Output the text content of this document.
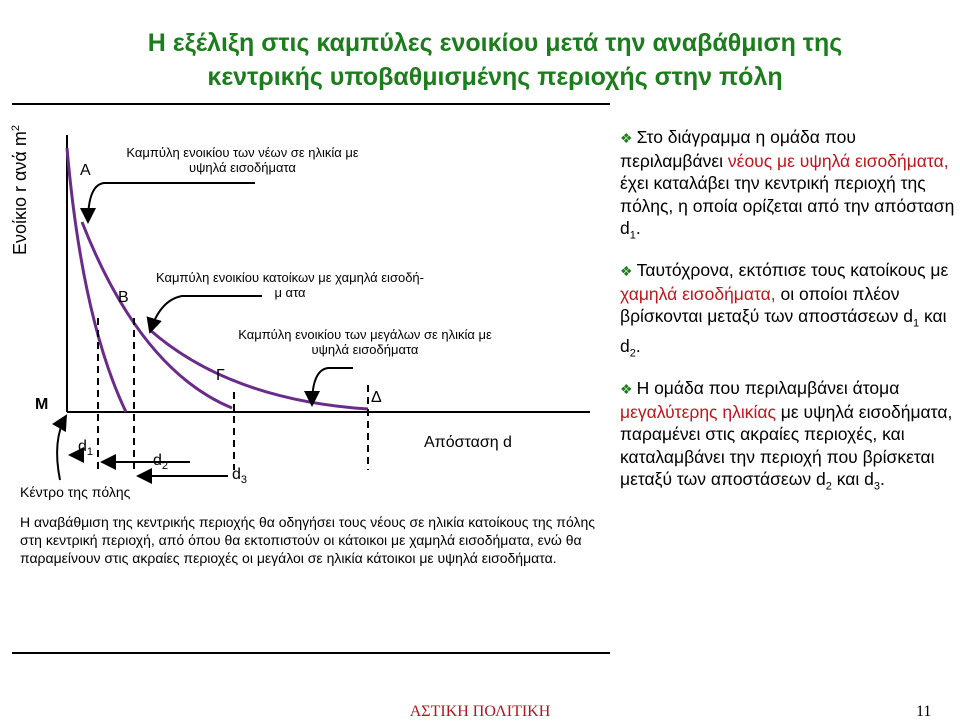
Η εξέλιξη στις καμπύλες ενοικίου μετά την αναβάθμιση της
κεντρικής υποβαθμισμένης περιοχής στην πόλη
Ενοίκιο r ανά $m^2$
Α
Β
Γ
Δ
Μ
Καμπύλη ενοικίου των νέων σε ηλικία με υψηλά εισοδήματα
Καμπύλη ενοικίου κατοίκων με χαμηλά εισοδή-μ ατα
Καμπύλη ενοικίου των μεγάλων σε ηλικία με υψηλά εισοδήματα
$d_1$	$d_2$	$d_3$
Απόσταση d
Κέντρο της πόλης
Η αναβάθμιση της κεντρικής περιοχής θα οδηγήσει τους νέους σε ηλικία κατοίκους της πόλης στη κεντρική περιοχή, από όπου θα εκτοπιστούν οι κάτοικοι με χαμηλά εισοδήματα, ενώ θα παραμείνουν στις ακραίες περιοχές οι μεγάλοι σε ηλικία κάτοικοι με υψηλά εισοδήματα.

❖ Στο διάγραμμα η ομάδα που περιλαμβάνει νέους με υψηλά εισοδήματα, έχει καταλάβει την κεντρική περιοχή της πόλης, η οποία ορίζεται από την απόσταση $d_1$.

❖ Ταυτόχρονα, εκτόπισε τους κατοίκους με χαμηλά εισοδήματα, οι οποίοι πλέον βρίσκονται μεταξύ των αποστάσεων $d_1$ και $d_2$.

❖ Η ομάδα που περιλαμβάνει άτομα μεγαλύτερης ηλικίας με υψηλά εισοδήματα, παραμένει στις ακραίες περιοχές, και καταλαμβάνει την περιοχή που βρίσκεται μεταξύ των αποστάσεων $d_2$ και $d_3$.

ΑΣΤΙΚΗ ΠΟΛΙΤΙΚΗ	11
